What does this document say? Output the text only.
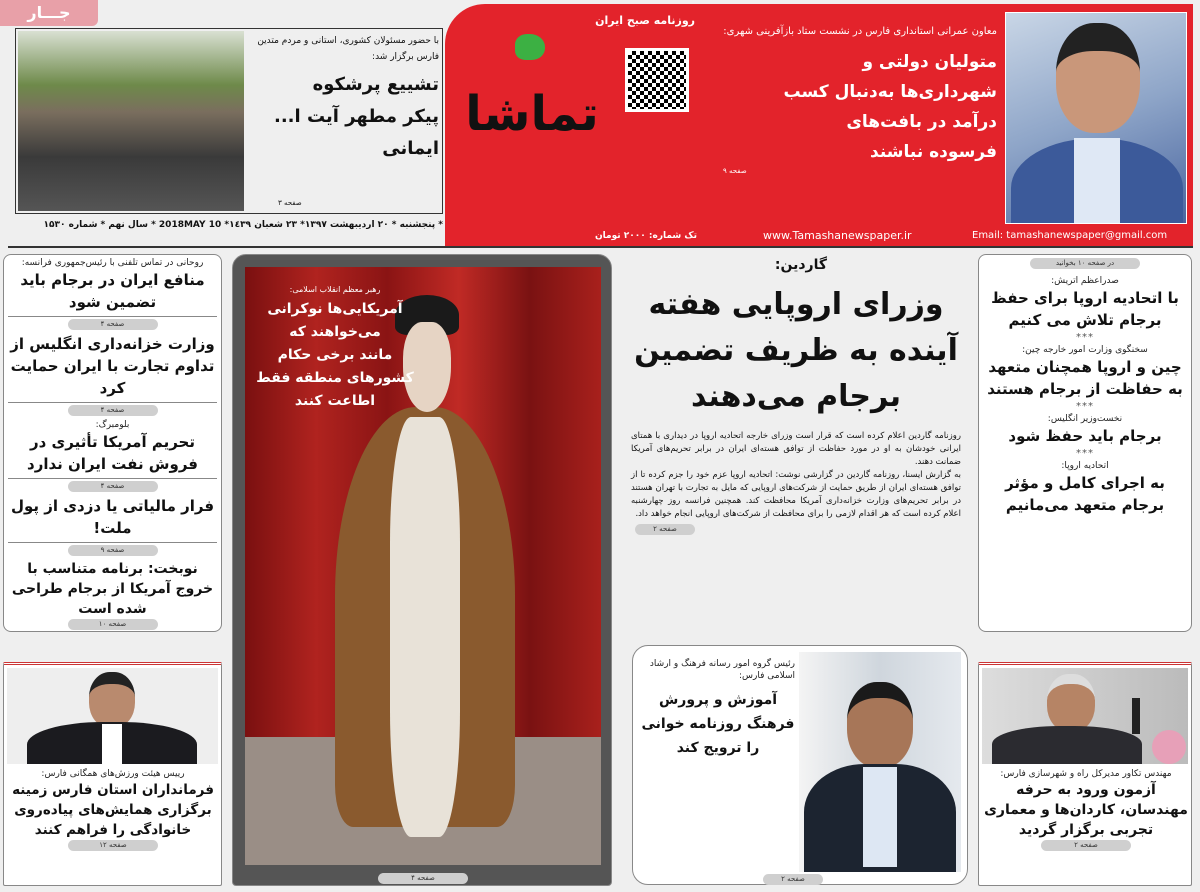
جـــار
تماشا
روزنامه صبح ایران
معاون عمرانی استانداری فارس در نشست ستاد بازآفرینی شهری:
متولیان دولتی و
شهرداری‌ها به‌دنبال کسب
درآمد در بافت‌های
فرسوده نباشند
صفحه ۹
تک شماره: ۲۰۰۰ تومان	www.Tamashanewspaper.ir	Email: tamashanewspaper@gmail.com
با حضور مسئولان کشوری، استانی و مردم متدین فارس برگزار شد:
تشییع پرشکوه
پیکر مطهر آیت ا...
ایمانی
صفحه ۳
* پنجشنبه * ۲۰ اردیبهشت ۱۳۹۷* ۲۳ شعبان ۱٤۳۹* 10 2018MAY * سال نهم * شماره ۱۵۳۰
روحانی در تماس تلفنی با رئیس‌جمهوری فرانسه:
منافع ایران در برجام باید تضمین شود
صفحه ۴
وزارت خزانه‌داری انگلیس از تداوم تجارت با ایران حمایت کرد
صفحه ۴
بلومبرگ:
تحریم آمریکا تأثیری در فروش نفت ایران ندارد
صفحه ۴
فرار مالیاتی یا دزدی از پول ملت!
صفحه ۹
نوبخت: برنامه متناسب با خروج آمریکا از برجام طراحی شده است
صفحه ۱۰
رهبر معظم انقلاب اسلامی:
آمریکایی‌ها نوکرانی
می‌خواهند که
مانند برخی حکام
کشورهای منطقه فقط
اطاعت کنند
صفحه ۴
گاردین:
وزرای اروپایی هفته
آینده به ظریف تضمین
برجام می‌دهند

روزنامه گاردین اعلام کرده است که قرار است وزرای خارجه اتحادیه اروپا در دیداری با همتای ایرانی خودشان به او در مورد حفاظت از توافق هسته‌ای ایران در برابر تحریم‌های آمریکا ضمانت دهند.

به گزارش ایسنا، روزنامه گاردین در گزارشی نوشت: اتحادیه اروپا عزم خود را جزم کرده تا از توافق هسته‌ای ایران از طریق حمایت از شرکت‌های اروپایی که مایل به تجارت با تهران هستند در برابر تحریم‌های وزارت خزانه‌داری آمریکا محافظت کند. همچنین فرانسه روز چهارشنبه اعلام کرده است که هر اقدام لازمی را برای محافظت از شرکت‌های اروپایی انجام خواهد داد.

صفحه ۲
در صفحه ۱۰ بخوانید
صدراعظم اتریش:
با اتحادیه اروپا برای حفظ برجام تلاش می کنیم
***
سخنگوی وزارت امور خارجه چین:
چین و اروپا همچنان متعهد به حفاظت از برجام هستند
***
نخست‌وزیر انگلیس:
برجام باید حفظ شود
***
اتحادیه اروپا:
به اجرای کامل و مؤثر برجام متعهد می‌مانیم
رییس هیئت ورزش‌های همگانی فارس:
فرمانداران استان فارس زمینه برگزاری همایش‌های پیاده‌روی خانوادگی را فراهم کنند
صفحه ۱۲
رئیس گروه امور رسانه فرهنگ و ارشاد اسلامی فارس:
آموزش و پرورش فرهنگ روزنامه خوانی را ترویج کند
صفحه ۲
مهندس تکاور مدیرکل راه و شهرسازی فارس:
آزمون ورود به حرفه مهندسان، کاردان‌ها و معماری تجربی برگزار گردید
صفحه ۲
